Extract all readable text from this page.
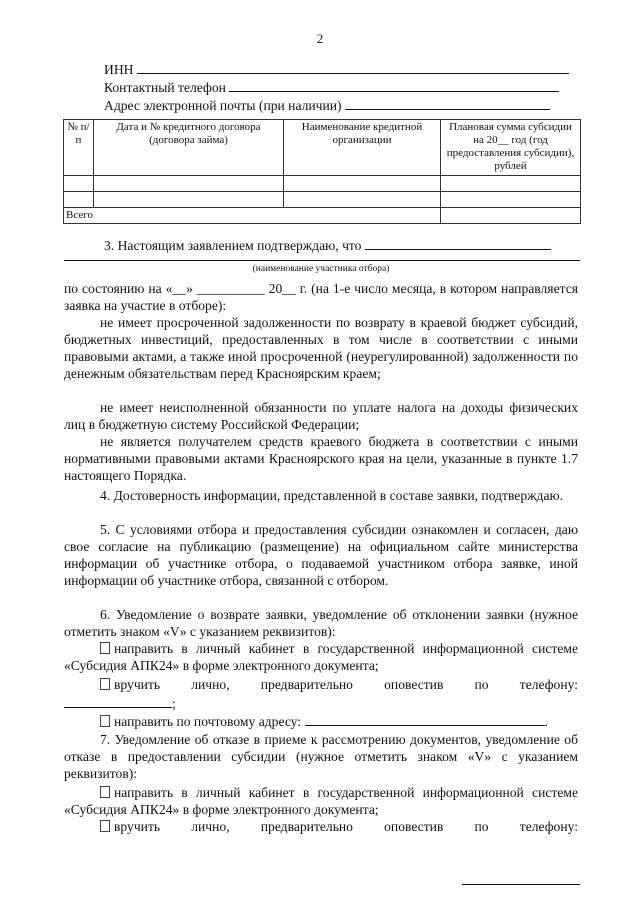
2
ИНН
Контактный телефон
Адрес электронной почты (при наличии)
№ п/п	Дата и № кредитного договора (договора займа)	Наименование кредитной организации	Плановая сумма субсидии на 20__ год (год предоставления субсидии), рублей

Всего			
3. Настоящим заявлением подтверждаю, что
(наименование участника отбора)
по состоянию на «__» __________ 20__ г. (на 1-е число месяца, в котором направляется заявка на участие в отборе):
не имеет просроченной задолженности по возврату в краевой бюджет субсидий, бюджетных инвестиций, предоставленных в том числе в соответствии с иными правовыми актами, а также иной просроченной (неурегулированной) задолженности по денежным обязательствам перед Красноярским краем;
не имеет неисполненной обязанности по уплате налога на доходы физических лиц в бюджетную систему Российской Федерации;
не является получателем средств краевого бюджета в соответствии с иными нормативными правовыми актами Красноярского края на цели, указанные в пункте 1.7 настоящего Порядка.
4. Достоверность информации, представленной в составе заявки, подтверждаю.
5. С условиями отбора и предоставления субсидии ознакомлен и согласен, даю свое согласие на публикацию (размещение) на официальном сайте министерства информации об участнике отбора, о подаваемой участником отбора заявке, иной информации об участнике отбора, связанной с отбором.
6. Уведомление о возврате заявки, уведомление об отклонении заявки (нужное отметить знаком «V» с указанием реквизитов):
направить в личный кабинет в государственной информационной системе «Субсидия АПК24» в форме электронного документа;
вручить лично, предварительно оповестив по телефону:
;
направить по почтовому адресу:	.
7. Уведомление об отказе в приеме к рассмотрению документов, уведомление об отказе в предоставлении субсидии (нужное отметить знаком «V» с указанием реквизитов):
направить в личный кабинет в государственной информационной системе «Субсидия АПК24» в форме электронного документа;
вручить лично, предварительно оповестив по телефону:
